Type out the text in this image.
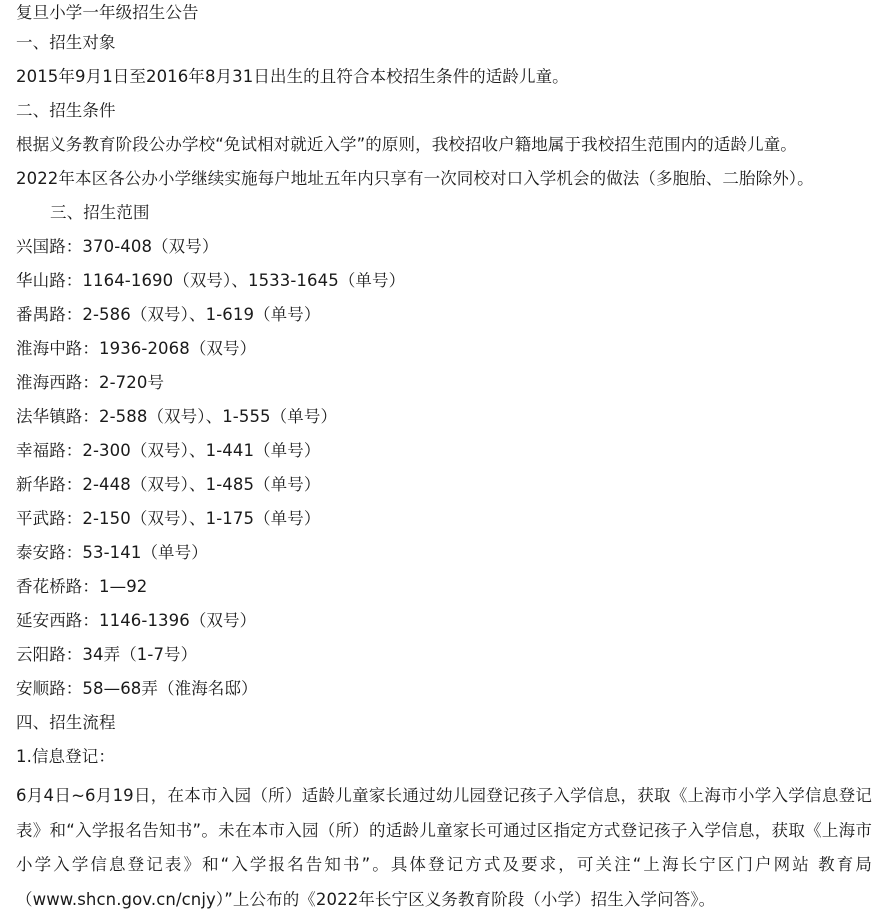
复旦小学一年级招生公告
一、招生对象
2015年9月1日至2016年8月31日出生的且符合本校招生条件的适龄儿童。
二、招生条件
根据义务教育阶段公办学校“免试相对就近入学”的原则，我校招收户籍地属于我校招生范围内的适龄儿童。
2022年本区各公办小学继续实施每户地址五年内只享有一次同校对口入学机会的做法（多胞胎、二胎除外）。
三、招生范围
兴国路：370-408（双号）
华山路：1164-1690（双号）、1533-1645（单号）
番禺路：2-586（双号）、1-619（单号）
淮海中路：1936-2068（双号）
淮海西路：2-720号
法华镇路：2-588（双号）、1-555（单号）
幸福路：2-300（双号）、1-441（单号）
新华路：2-448（双号）、1-485（单号）
平武路：2-150（双号）、1-175（单号）
泰安路：53-141（单号）
香花桥路：1—92
延安西路：1146-1396（双号）
云阳路：34弄（1-7号）
安顺路：58—68弄（淮海名邸）
四、招生流程
1.信息登记：
6月4日~6月19日，在本市入园（所）适龄儿童家长通过幼儿园登记孩子入学信息，获取《上海市小学入学信息登记表》和“入学报名告知书”。未在本市入园（所）的适龄儿童家长可通过区指定方式登记孩子入学信息，获取《上海市小学入学信息登记表》和“入学报名告知书”。具体登记方式及要求，可关注“上海长宁区门户网站 教育局（www.shcn.gov.cn/cnjy）”上公布的《2022年长宁区义务教育阶段（小学）招生入学问答》。
